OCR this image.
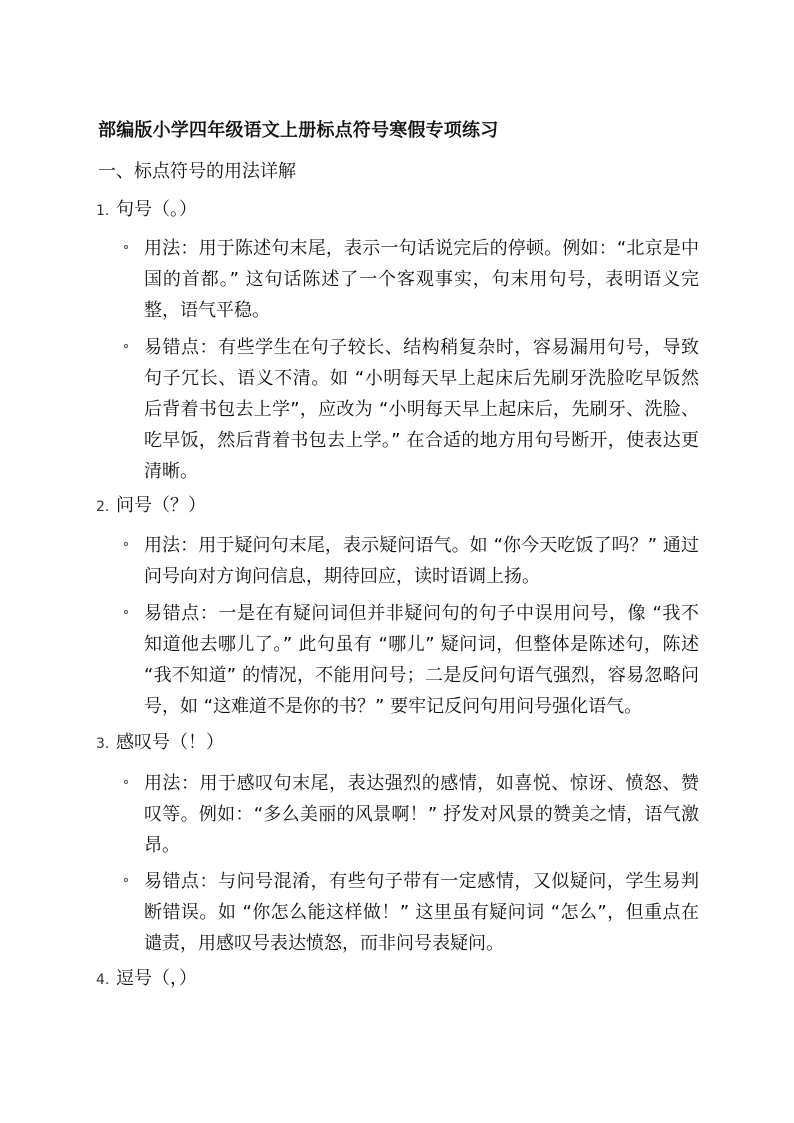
部编版小学四年级语文上册标点符号寒假专项练习
一、标点符号的用法详解
1. 句号（。）
用法：用于陈述句末尾，表示一句话说完后的停顿。例如：“北京是中国的首都。” 这句话陈述了一个客观事实，句末用句号，表明语义完整，语气平稳。
易错点：有些学生在句子较长、结构稍复杂时，容易漏用句号，导致句子冗长、语义不清。如 “小明每天早上起床后先刷牙洗脸吃早饭然后背着书包去上学”，应改为 “小明每天早上起床后，先刷牙、洗脸、吃早饭，然后背着书包去上学。” 在合适的地方用句号断开，使表达更清晰。
2. 问号（？）
用法：用于疑问句末尾，表示疑问语气。如 “你今天吃饭了吗？” 通过问号向对方询问信息，期待回应，读时语调上扬。
易错点：一是在有疑问词但并非疑问句的句子中误用问号，像 “我不知道他去哪儿了。” 此句虽有 “哪儿” 疑问词，但整体是陈述句，陈述 “我不知道” 的情况，不能用问号；二是反问句语气强烈，容易忽略问号，如 “这难道不是你的书？” 要牢记反问句用问号强化语气。
3. 感叹号（！）
用法：用于感叹句末尾，表达强烈的感情，如喜悦、惊讶、愤怒、赞叹等。例如：“多么美丽的风景啊！” 抒发对风景的赞美之情，语气激昂。
易错点：与问号混淆，有些句子带有一定感情，又似疑问，学生易判断错误。如 “你怎么能这样做！” 这里虽有疑问词 “怎么”，但重点在谴责，用感叹号表达愤怒，而非问号表疑问。
4. 逗号（，）
